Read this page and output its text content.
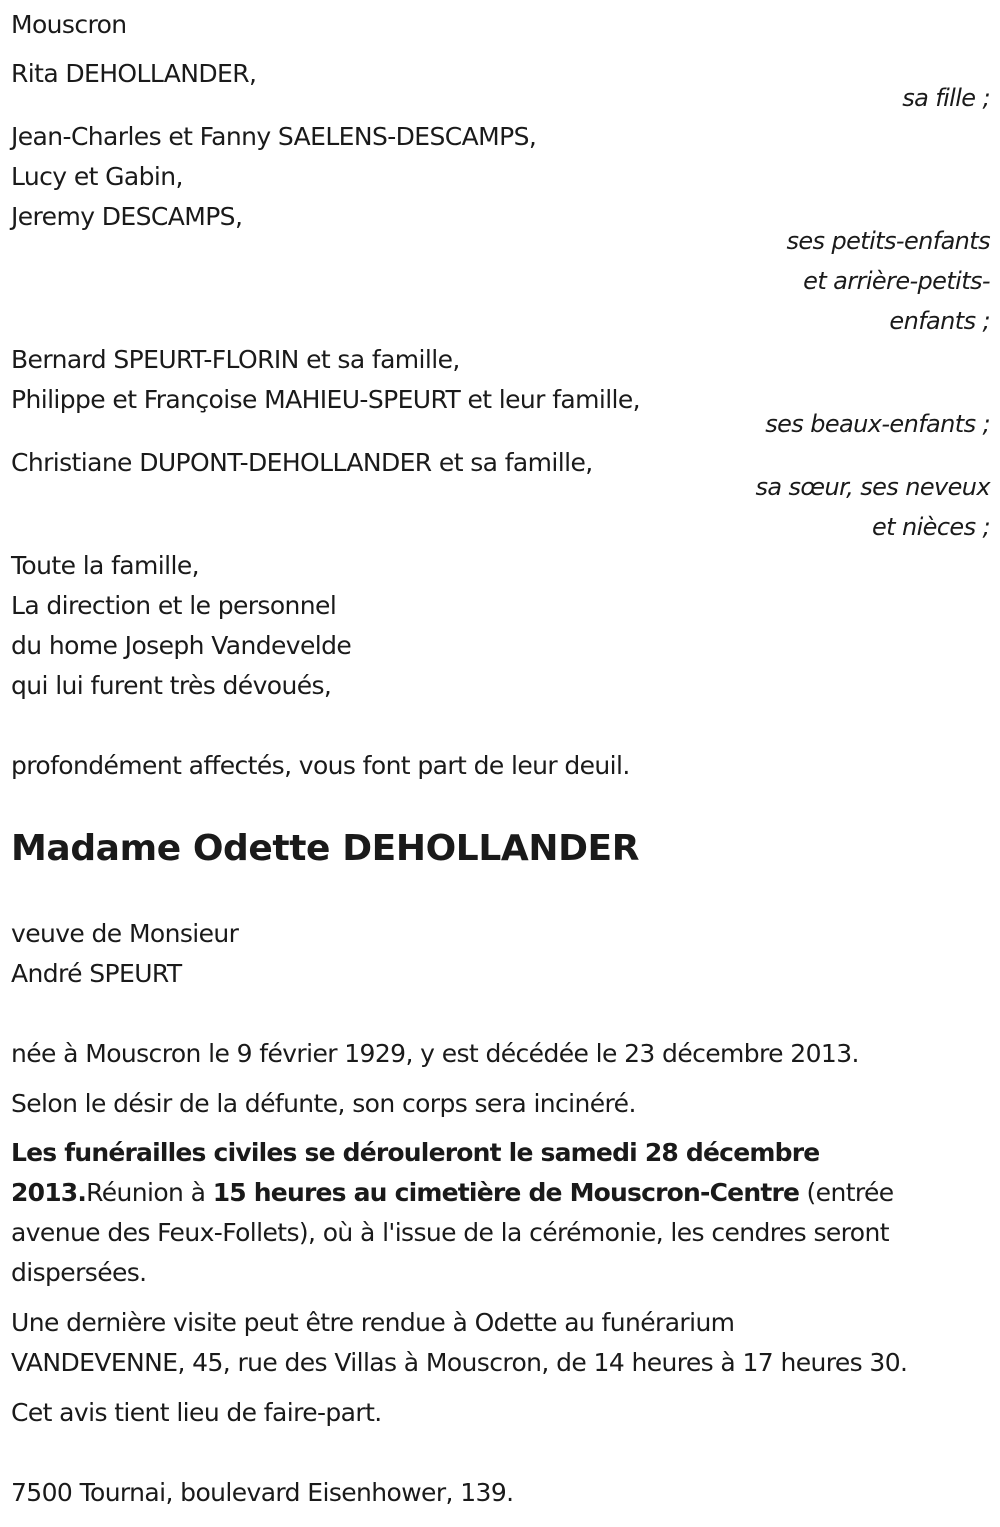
Mouscron
Rita DEHOLLANDER,
sa fille ;
Jean-Charles et Fanny SAELENS-DESCAMPS,
Lucy et Gabin,
Jeremy DESCAMPS,
ses petits-enfants
et arrière-petits-
enfants ;
Bernard SPEURT-FLORIN et sa famille,
Philippe et Françoise MAHIEU-SPEURT et leur famille,
ses beaux-enfants ;
Christiane DUPONT-DEHOLLANDER et sa famille,
sa sœur, ses neveux
et nièces ;
Toute la famille,
La direction et le personnel
du home Joseph Vandevelde
qui lui furent très dévoués,
profondément affectés, vous font part de leur deuil.
Madame Odette DEHOLLANDER
veuve de Monsieur
André SPEURT
née à Mouscron le 9 février 1929, y est décédée le 23 décembre 2013.
Selon le désir de la défunte, son corps sera incinéré.
Les funérailles civiles se dérouleront le samedi 28 décembre
2013.Réunion à 15 heures au cimetière de Mouscron-Centre (entrée
avenue des Feux-Follets), où à l'issue de la cérémonie, les cendres seront
dispersées.
Une dernière visite peut être rendue à Odette au funérarium
VANDEVENNE, 45, rue des Villas à Mouscron, de 14 heures à 17 heures 30.
Cet avis tient lieu de faire-part.
7500 Tournai, boulevard Eisenhower, 139.
